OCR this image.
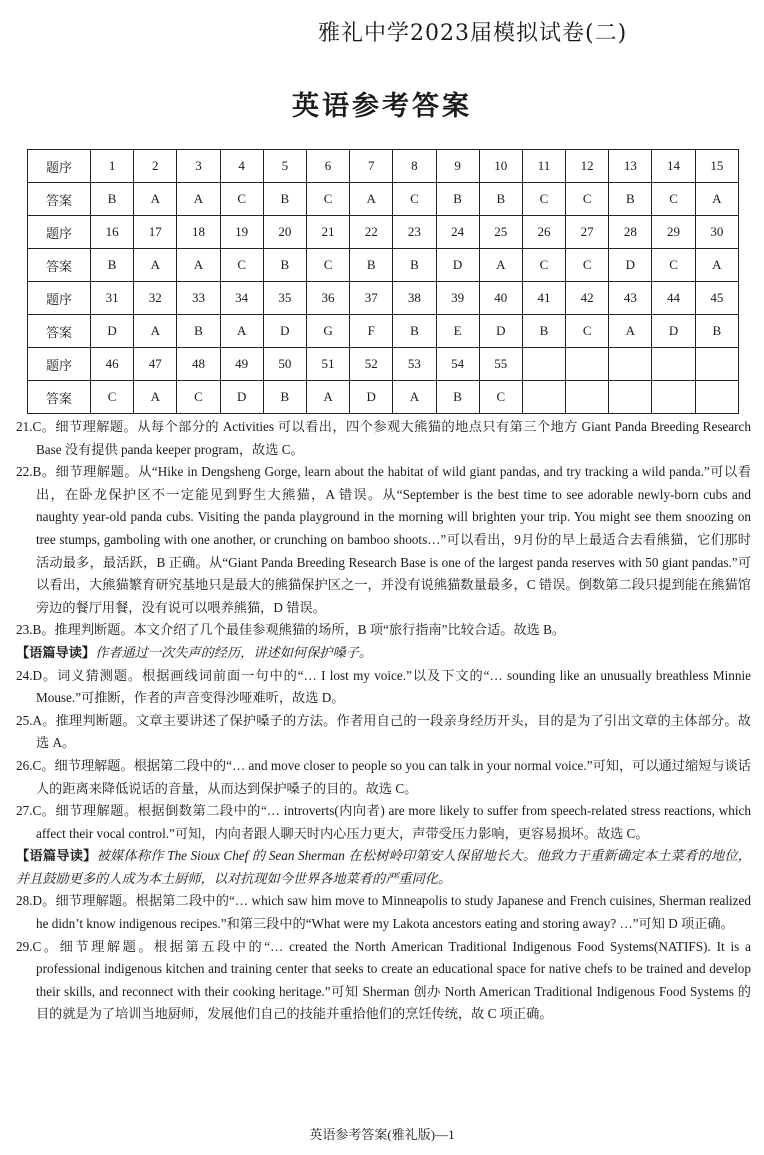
雅礼中学2023届模拟试卷(二)
英语参考答案
题序	1	2	3	4	5	6	7	8	9	10	11	12	13	14	15
答案	B	A	A	C	B	C	A	C	B	B	C	C	B	C	A
题序	16	17	18	19	20	21	22	23	24	25	26	27	28	29	30
答案	B	A	A	C	B	C	B	B	D	A	C	C	D	C	A
题序	31	32	33	34	35	36	37	38	39	40	41	42	43	44	45
答案	D	A	B	A	D	G	F	B	E	D	B	C	A	D	B
题序	46	47	48	49	50	51	52	53	54	55					
答案	C	A	C	D	B	A	D	A	B	C					

21.C。细节理解题。从每个部分的 Activities 可以看出，四个参观大熊猫的地点只有第三个地方 Giant Panda Breeding Research Base 没有提供 panda keeper program，故选 C。

22.B。细节理解题。从“Hike in Dengsheng Gorge, learn about the habitat of wild giant pandas, and try tracking a wild panda.”可以看出，在卧龙保护区不一定能见到野生大熊猫，A 错误。从“September is the best time to see adorable newly-born cubs and naughty year-old panda cubs. Visiting the panda playground in the morning will brighten your trip. You might see them snoozing on tree stumps, gamboling with one another, or crunching on bamboo shoots…”可以看出，9月份的早上最适合去看熊猫，它们那时活动最多，最活跃，B 正确。从“Giant Panda Breeding Research Base is one of the largest panda reserves with 50 giant pandas.”可以看出，大熊猫繁育研究基地只是最大的熊猫保护区之一，并没有说熊猫数量最多，C 错误。倒数第二段只提到能在熊猫馆旁边的餐厅用餐，没有说可以喂养熊猫，D 错误。

23.B。推理判断题。本文介绍了几个最佳参观熊猫的场所，B 项“旅行指南”比较合适。故选 B。

【语篇导读】作者通过一次失声的经历，讲述如何保护嗓子。

24.D。词义猜测题。根据画线词前面一句中的“… I lost my voice.”以及下文的“… sounding like an unusually breathless Minnie Mouse.”可推断，作者的声音变得沙哑难听，故选 D。

25.A。推理判断题。文章主要讲述了保护嗓子的方法。作者用自己的一段亲身经历开头，目的是为了引出文章的主体部分。故选 A。

26.C。细节理解题。根据第二段中的“… and move closer to people so you can talk in your normal voice.”可知，可以通过缩短与谈话人的距离来降低说话的音量，从而达到保护嗓子的目的。故选 C。

27.C。细节理解题。根据倒数第二段中的“… introverts(内向者) are more likely to suffer from speech-related stress reactions, which affect their vocal control.”可知，内向者跟人聊天时内心压力更大，声带受压力影响，更容易损坏。故选 C。

【语篇导读】被媒体称作 The Sioux Chef 的 Sean Sherman 在松树岭印第安人保留地长大。他致力于重新确定本土菜肴的地位，并且鼓励更多的人成为本土厨师，以对抗现如今世界各地菜肴的严重同化。

28.D。细节理解题。根据第二段中的“… which saw him move to Minneapolis to study Japanese and French cuisines, Sherman realized he didn’t know indigenous recipes.”和第三段中的“What were my Lakota ancestors eating and storing away? …”可知 D 项正确。

29.C。细节理解题。根据第五段中的“… created the North American Traditional Indigenous Food Systems(NATIFS). It is a professional indigenous kitchen and training center that seeks to create an educational space for native chefs to be trained and develop their skills, and reconnect with their cooking heritage.”可知 Sherman 创办 North American Traditional Indigenous Food Systems 的目的就是为了培训当地厨师，发展他们自己的技能并重拾他们的烹饪传统，故 C 项正确。

英语参考答案(雅礼版)—1
